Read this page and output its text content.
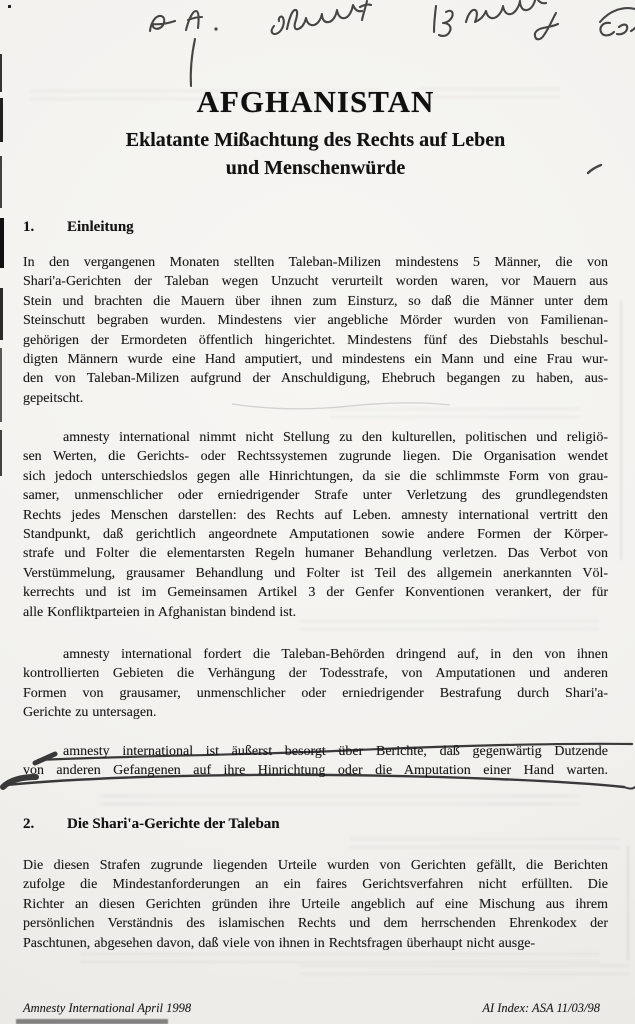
AFGHANISTAN
Eklatante Mißachtung des Rechts auf Leben
und Menschenwürde
1.	Einleitung
In den vergangenen Monaten stellten Taleban-Milizen mindestens 5 Männer, die von
Shari'a-Gerichten der Taleban wegen Unzucht verurteilt worden waren, vor Mauern aus
Stein und brachten die Mauern über ihnen zum Einsturz, so daß die Männer unter dem
Steinschutt begraben wurden. Mindestens vier angebliche Mörder wurden von Familienan-
gehörigen der Ermordeten öffentlich hingerichtet. Mindestens fünf des Diebstahls beschul-
digten Männern wurde eine Hand amputiert, und mindestens ein Mann und eine Frau wur-
den von Taleban-Milizen aufgrund der Anschuldigung, Ehebruch begangen zu haben, aus-
gepeitscht.
amnesty international nimmt nicht Stellung zu den kulturellen, politischen und religiö-
sen Werten, die Gerichts- oder Rechtssystemen zugrunde liegen. Die Organisation wendet
sich jedoch unterschiedslos gegen alle Hinrichtungen, da sie die schlimmste Form von grau-
samer, unmenschlicher oder erniedrigender Strafe unter Verletzung des grundlegendsten
Rechts jedes Menschen darstellen: des Rechts auf Leben. amnesty international vertritt den
Standpunkt, daß gerichtlich angeordnete Amputationen sowie andere Formen der Körper-
strafe und Folter die elementarsten Regeln humaner Behandlung verletzen. Das Verbot von
Verstümmelung, grausamer Behandlung und Folter ist Teil des allgemein anerkannten Völ-
kerrechts und ist im Gemeinsamen Artikel 3 der Genfer Konventionen verankert, der für
alle Konfliktparteien in Afghanistan bindend ist.
amnesty international fordert die Taleban-Behörden dringend auf, in den von ihnen
kontrollierten Gebieten die Verhängung der Todesstrafe, von Amputationen und anderen
Formen von grausamer, unmenschlicher oder erniedrigender Bestrafung durch Shari'a-
Gerichte zu untersagen.
amnesty international ist äußerst besorgt über Berichte, daß gegenwärtig Dutzende
von anderen Gefangenen auf ihre Hinrichtung oder die Amputation einer Hand warten.
2.	Die Shari'a-Gerichte der Taleban
Die diesen Strafen zugrunde liegenden Urteile wurden von Gerichten gefällt, die Berichten
zufolge die Mindestanforderungen an ein faires Gerichtsverfahren nicht erfüllten. Die
Richter an diesen Gerichten gründen ihre Urteile angeblich auf eine Mischung aus ihrem
persönlichen Verständnis des islamischen Rechts und dem herrschenden Ehrenkodex der
Paschtunen, abgesehen davon, daß viele von ihnen in Rechtsfragen überhaupt nicht ausge-
Amnesty International April 1998	AI Index: ASA 11/03/98
